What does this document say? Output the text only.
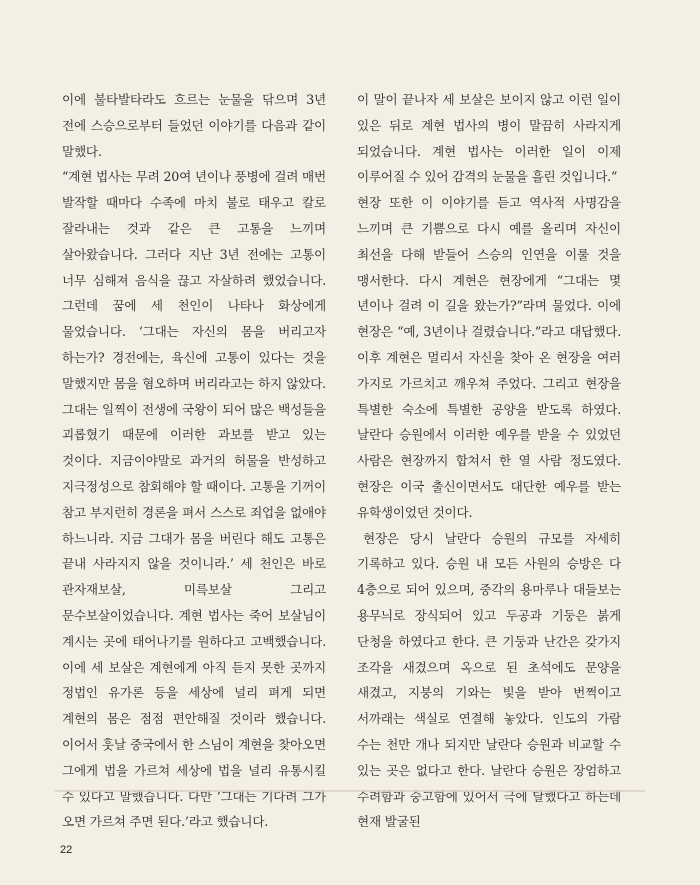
이에 불타발타라도 흐르는 눈물을 닦으며 3년 전에 스승으로부터 들었던 이야기를 다음과 같이 말했다.

“계현 법사는 무려 20여 년이나 풍병에 걸려 매번 발작할 때마다 수족에 마치 불로 태우고 칼로 잘라내는 것과 같은 큰 고통을 느끼며 살아왔습니다. 그러다 지난 3년 전에는 고통이 너무 심해져 음식을 끊고 자살하려 했었습니다. 그런데 꿈에 세 천인이 나타나 화상에게 물었습니다. ‘그대는 자신의 몸을 버리고자 하는가? 경전에는, 육신에 고통이 있다는 것을 말했지만 몸을 혐오하며 버리라고는 하지 않았다. 그대는 일찍이 전생에 국왕이 되어 많은 백성들을 괴롭혔기 때문에 이러한 과보를 받고 있는 것이다. 지금이야말로 과거의 허물을 반성하고 지극정성으로 참회해야 할 때이다. 고통을 기꺼이 참고 부지런히 경론을 펴서 스스로 죄업을 없애야 하느니라. 지금 그대가 몸을 버린다 해도 고통은 끝내 사라지지 않을 것이니라.’ 세 천인은 바로 관자재보살, 미륵보살 그리고 문수보살이었습니다. 계현 법사는 죽어 보살님이 계시는 곳에 태어나기를 원하다고 고백했습니다. 이에 세 보살은 계현에게 아직 듣지 못한 곳까지 정법인 유가론 등을 세상에 널리 펴게 되면 계현의 몸은 점점 편안해질 것이라 했습니다. 이어서 훗날 중국에서 한 스님이 계현을 찾아오면 그에게 법을 가르쳐 세상에 법을 널리 유통시킬 수 있다고 말했습니다. 다만 ‘그대는 기다려 그가 오면 가르쳐 주면 된다.’라고 했습니다.

이 말이 끝나자 세 보살은 보이지 않고 이런 일이 있은 뒤로 계현 법사의 병이 말끔히 사라지게 되었습니다. 계현 법사는 이러한 일이 이제 이루어질 수 있어 감격의 눈물을 흘린 것입니다.”

현장 또한 이 이야기를 듣고 역사적 사명감을 느끼며 큰 기쁨으로 다시 예를 올리며 자신이 최선을 다해 받들어 스승의 인연을 이룰 것을 맹서한다. 다시 계현은 현장에게 “그대는 몇 년이나 걸려 이 길을 왔는가?”라며 물었다. 이에 현장은 “예, 3년이나 걸렸습니다.”라고 대답했다. 이후 계현은 멀리서 자신을 찾아 온 현장을 여러 가지로 가르치고 깨우쳐 주었다. 그리고 현장을 특별한 숙소에 특별한 공양을 받도록 하였다. 날란다 승원에서 이러한 예우를 받을 수 있었던 사람은 현장까지 합쳐서 한 열 사람 정도였다. 현장은 이국 출신이면서도 대단한 예우를 받는 유학생이었던 것이다.

현장은 당시 날란다 승원의 규모를 자세히 기록하고 있다. 승원 내 모든 사원의 승방은 다 4층으로 되어 있으며, 중각의 용마루나 대들보는 용무늬로 장식되어 있고 두공과 기둥은 붉게 단청을 하였다고 한다. 큰 기둥과 난간은 갖가지 조각을 새겼으며 옥으로 된 초석에도 문양을 새겼고, 지붕의 기와는 빛을 받아 번쩍이고 서까래는 색실로 연결해 놓았다. 인도의 가람 수는 천만 개나 되지만 날란다 승원과 비교할 수 있는 곳은 없다고 한다. 날란다 승원은 장엄하고 수려함과 숭고함에 있어서 극에 달했다고 하는데 현재 발굴된

22
